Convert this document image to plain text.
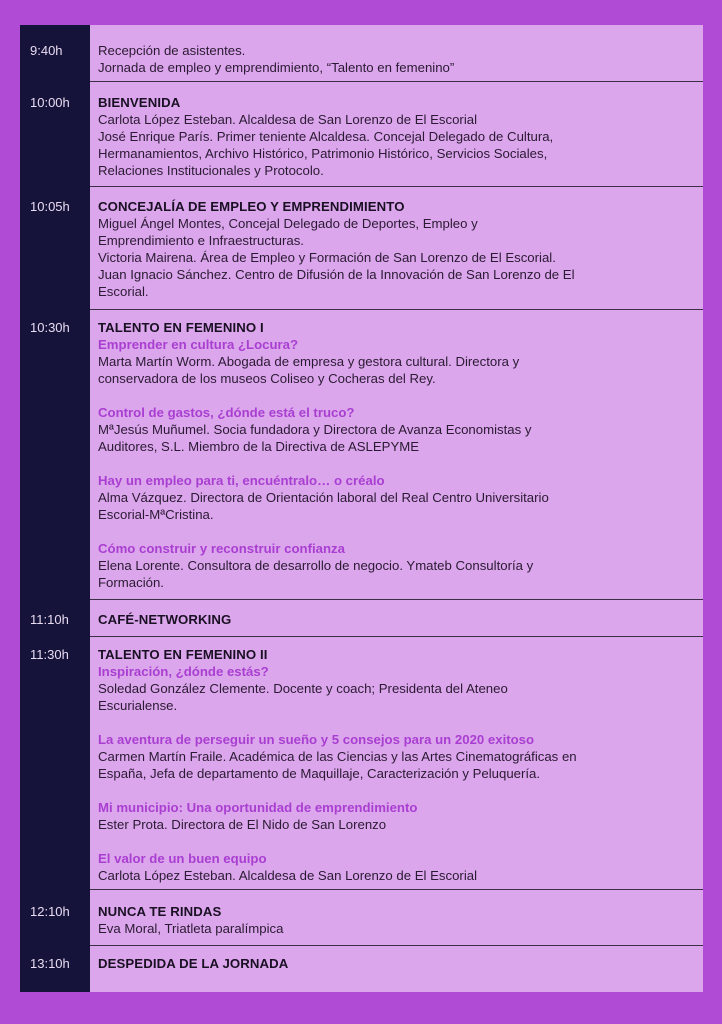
9:40h	Recepción de asistentes.
Jornada de empleo y emprendimiento, “Talento en femenino”
10:00h BIENVENIDA
Carlota López Esteban. Alcaldesa de San Lorenzo de El Escorial
José Enrique París. Primer teniente Alcaldesa. Concejal Delegado de Cultura,
Hermanamientos, Archivo Histórico, Patrimonio Histórico, Servicios Sociales,
Relaciones Institucionales y Protocolo.
10:05h CONCEJALÍA DE EMPLEO Y EMPRENDIMIENTO
Miguel Ángel Montes, Concejal Delegado de Deportes, Empleo y
Emprendimiento e Infraestructuras.
Victoria Mairena. Área de Empleo y Formación de San Lorenzo de El Escorial.
Juan Ignacio Sánchez. Centro de Difusión de la Innovación de San Lorenzo de El
Escorial.
10:30h TALENTO EN FEMENINO I
Emprender en cultura ¿Locura?
Marta Martín Worm. Abogada de empresa y gestora cultural. Directora y
conservadora de los museos Coliseo y Cocheras del Rey.
Control de gastos, ¿dónde está el truco?
MªJesús Muñumel. Socia fundadora y Directora de Avanza Economistas y
Auditores, S.L. Miembro de la Directiva de ASLEPYME
Hay un empleo para ti, encuéntralo… o créalo
Alma Vázquez. Directora de Orientación laboral del Real Centro Universitario
Escorial-MªCristina.
Cómo construir y reconstruir confianza
Elena Lorente. Consultora de desarrollo de negocio. Ymateb Consultoría y
Formación.
11:10h CAFÉ-NETWORKING
11:30h TALENTO EN FEMENINO II
Inspiración, ¿dónde estás?
Soledad González Clemente. Docente y coach; Presidenta del Ateneo
Escurialense.
La aventura de perseguir un sueño y 5 consejos para un 2020 exitoso
Carmen Martín Fraile. Académica de las Ciencias y las Artes Cinematográficas en
España, Jefa de departamento de Maquillaje, Caracterización y Peluquería.
Mi municipio: Una oportunidad de emprendimiento
Ester Prota. Directora de El Nido de San Lorenzo
El valor de un buen equipo
Carlota López Esteban. Alcaldesa de San Lorenzo de El Escorial
12:10h NUNCA TE RINDAS
Eva Moral, Triatleta paralímpica
13:10h DESPEDIDA DE LA JORNADA
